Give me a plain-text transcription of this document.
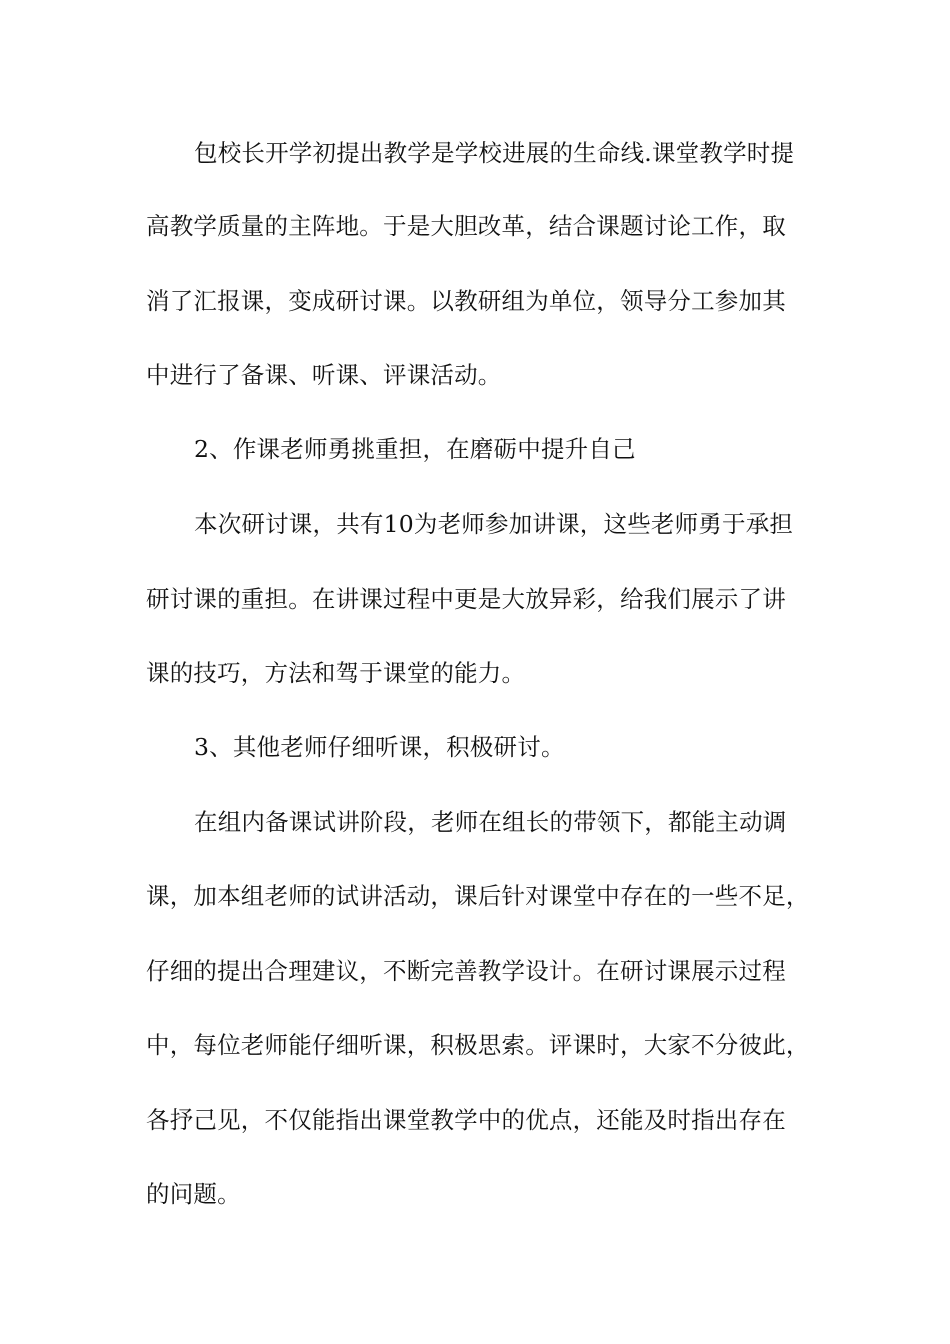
包校长开学初提出教学是学校进展的生命线.课堂教学时提
高教学质量的主阵地。于是大胆改革，结合课题讨论工作，取
消了汇报课，变成研讨课。以教研组为单位，领导分工参加其
中进行了备课、听课、评课活动。
2、作课老师勇挑重担，在磨砺中提升自己
本次研讨课，共有10为老师参加讲课，这些老师勇于承担
研讨课的重担。在讲课过程中更是大放异彩，给我们展示了讲
课的技巧，方法和驾于课堂的能力。
3、其他老师仔细听课，积极研讨。
在组内备课试讲阶段，老师在组长的带领下，都能主动调
课，加本组老师的试讲活动，课后针对课堂中存在的一些不足，
仔细的提出合理建议，不断完善教学设计。在研讨课展示过程
中，每位老师能仔细听课，积极思索。评课时，大家不分彼此，
各抒己见，不仅能指出课堂教学中的优点，还能及时指出存在
的问题。
